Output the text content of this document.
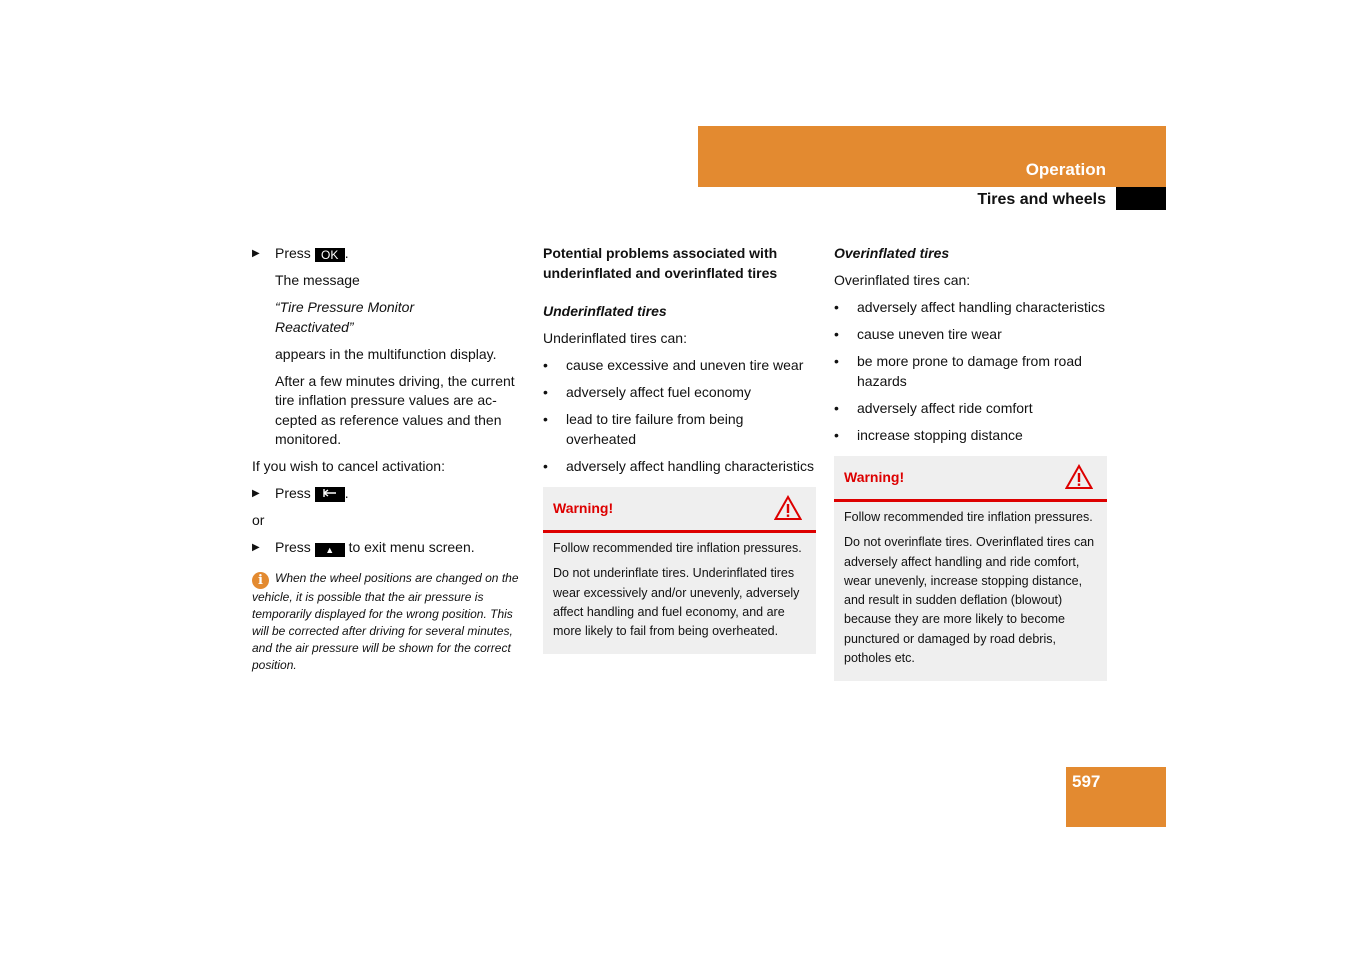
Operation
Tires and wheels
▶ Press OK .

The message

“Tire Pressure Monitor Reactivated”

appears in the multifunction display.

After a few minutes driving, the current tire inflation pressure values are ac-cepted as reference values and then monitored.

If you wish to cancel activation:

▶ Press .

or

▶ Press ▲ to exit menu screen.
i When the wheel positions are changed on the vehicle, it is possible that the air pressure is temporarily displayed for the wrong position. This will be corrected after driving for several minutes, and the air pressure will be shown for the correct position.
Potential problems associated with underinflated and overinflated tires
Underinflated tires

Underinflated tires can:

• cause excessive and uneven tire wear
• adversely affect fuel economy
• lead to tire failure from being overheated
• adversely affect handling characteristics
Warning!

Follow recommended tire inflation pressures.

Do not underinflate tires. Underinflated tires wear excessively and/or unevenly, adversely affect handling and fuel economy, and are more likely to fail from being overheated.

Overinflated tires

Overinflated tires can:

• adversely affect handling characteristics
• cause uneven tire wear
• be more prone to damage from road hazards
• adversely affect ride comfort
• increase stopping distance
Warning!

Follow recommended tire inflation pressures.

Do not overinflate tires. Overinflated tires can adversely affect handling and ride comfort, wear unevenly, increase stopping distance, and result in sudden deflation (blowout) because they are more likely to become punctured or damaged by road debris, potholes etc.

597
